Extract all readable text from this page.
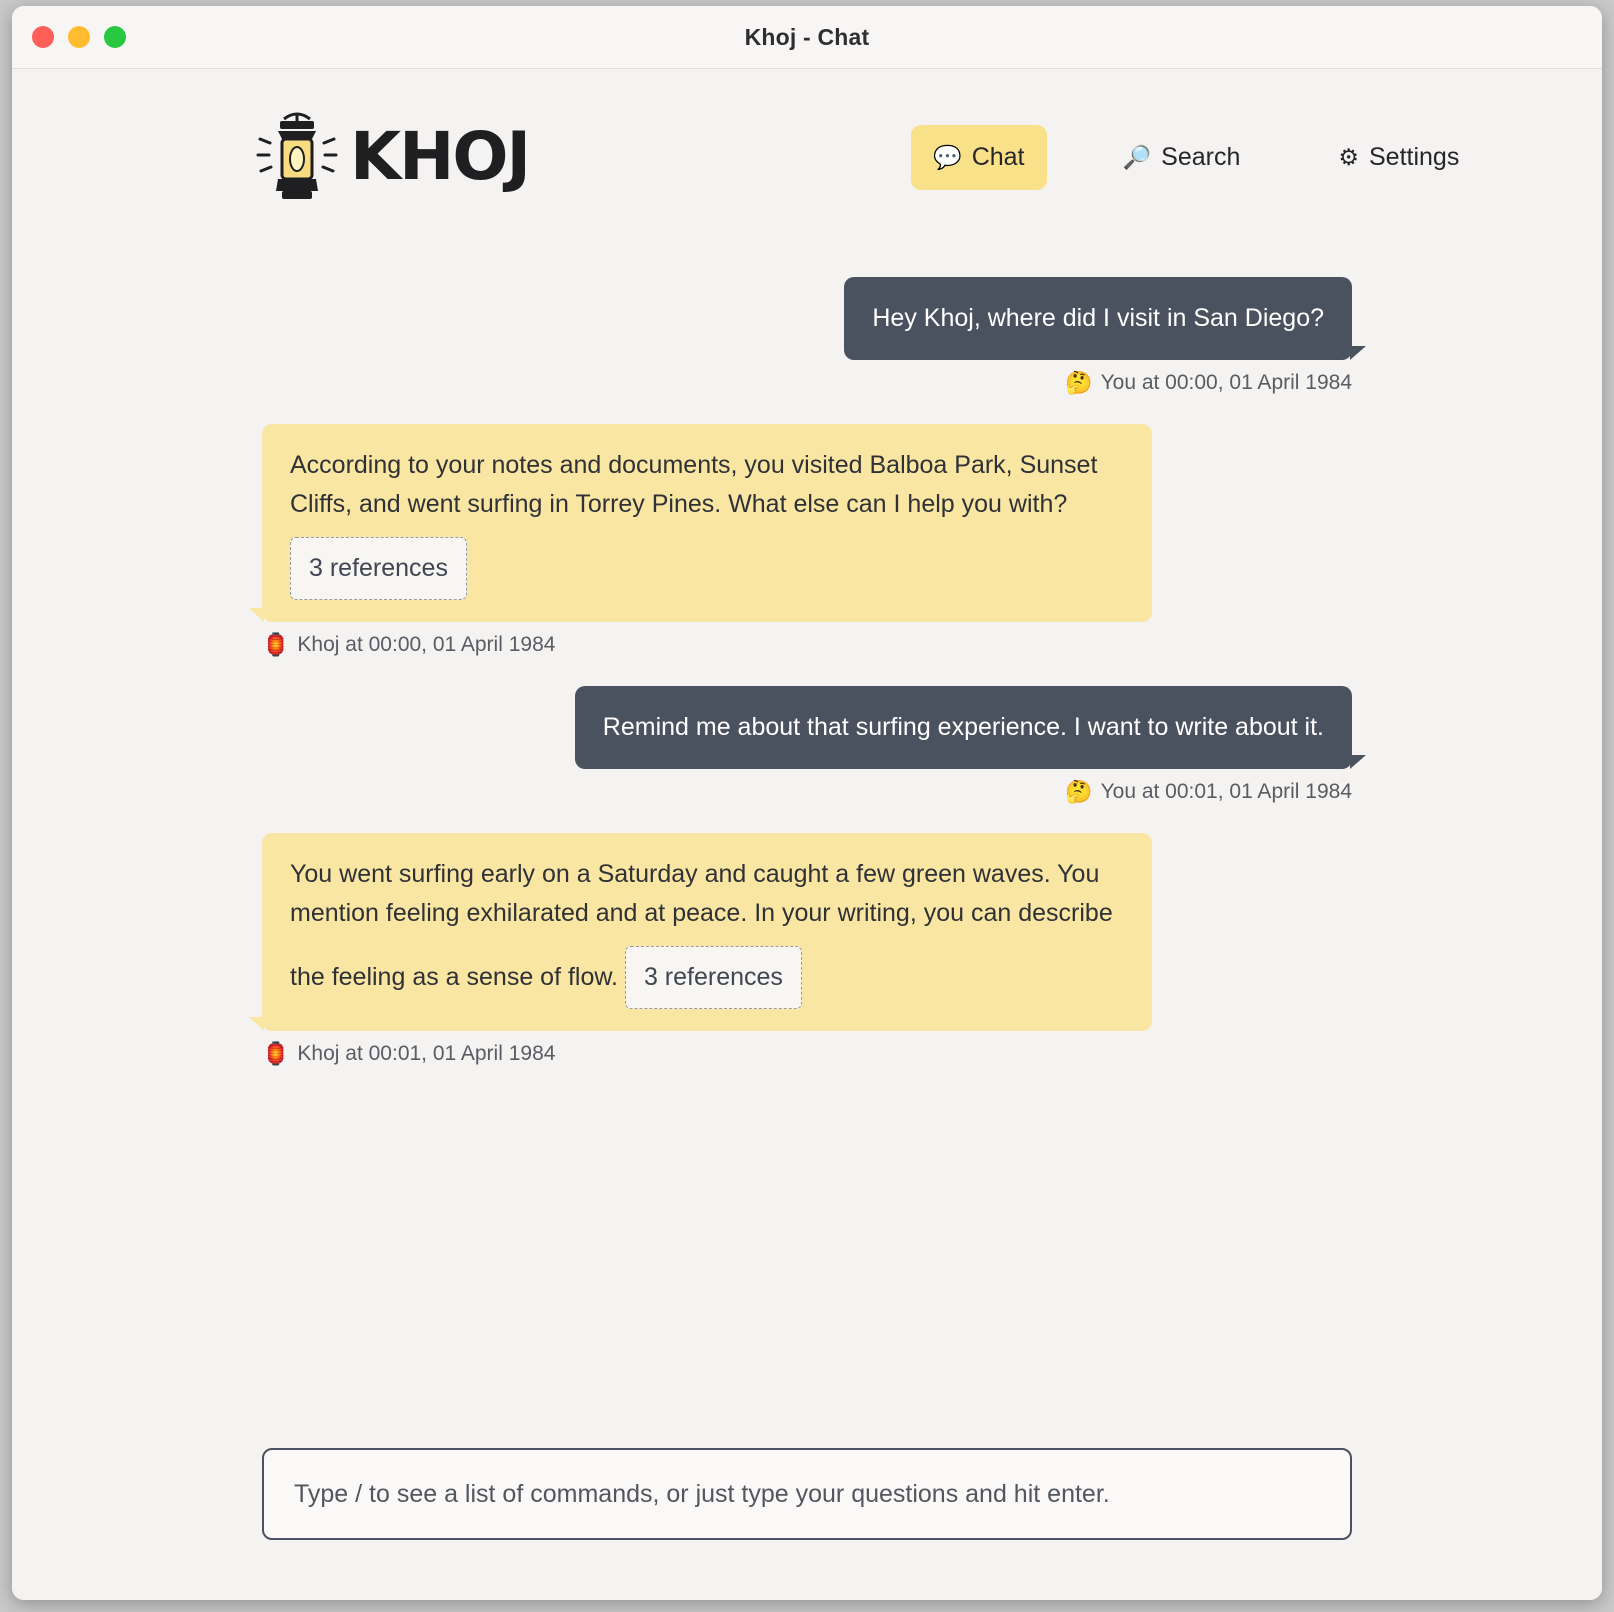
Khoj - Chat
KHOJ	💬 Chat	🔎 Search	⚙ Settings
Hey Khoj, where did I visit in San Diego?
🤔 You at 00:00, 01 April 1984
According to your notes and documents, you visited Balboa Park, Sunset Cliffs, and went surfing in Torrey Pines. What else can I help you with? 3 references
🏮 Khoj at 00:00, 01 April 1984
Remind me about that surfing experience. I want to write about it.
🤔 You at 00:01, 01 April 1984
You went surfing early on a Saturday and caught a few green waves. You mention feeling exhilarated and at peace. In your writing, you can describe the feeling as a sense of flow. 3 references
🏮 Khoj at 00:01, 01 April 1984
Type / to see a list of commands, or just type your questions and hit enter.
